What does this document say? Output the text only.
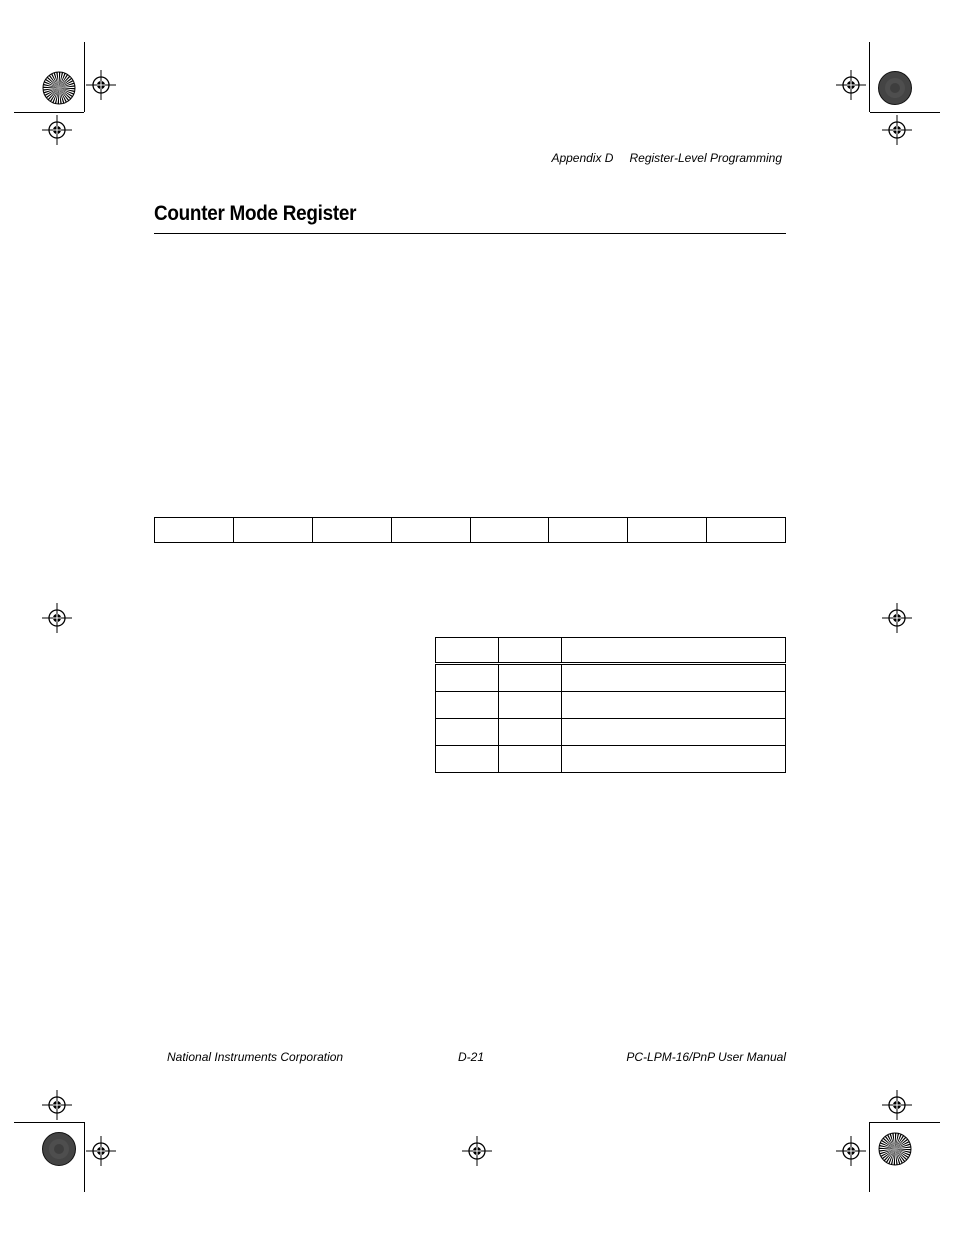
Appendix D Register-Level Programming
Counter Mode Register

National Instruments Corporation	D-21	PC-LPM-16/PnP User Manual
